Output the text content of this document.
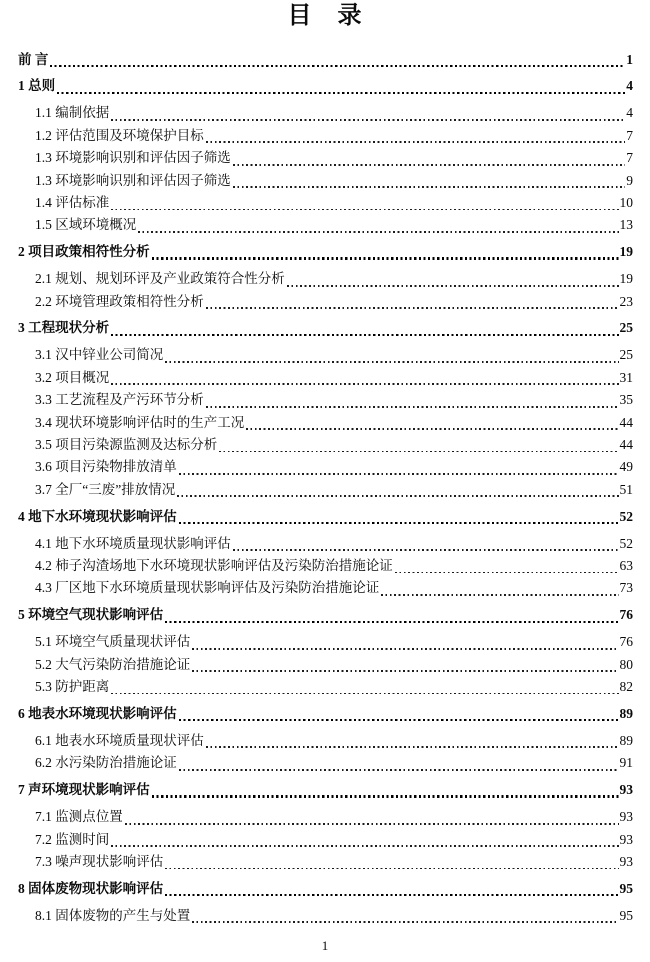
目　录
前 言	1
1 总则	4
1.1 编制依据	4
1.2 评估范围及环境保护目标	7
1.3 环境影响识别和评估因子筛选	7
1.3 环境影响识别和评估因子筛选	9
1.4 评估标准	10
1.5 区域环境概况	13
2 项目政策相符性分析	19
2.1 规划、规划环评及产业政策符合性分析	19
2.2 环境管理政策相符性分析	23
3 工程现状分析	25
3.1 汉中锌业公司简况	25
3.2 项目概况	31
3.3 工艺流程及产污环节分析	35
3.4 现状环境影响评估时的生产工况	44
3.5 项目污染源监测及达标分析	44
3.6 项目污染物排放清单	49
3.7 全厂“三废”排放情况	51
4 地下水环境现状影响评估	52
4.1 地下水环境质量现状影响评估	52
4.2 柿子沟渣场地下水环境现状影响评估及污染防治措施论证	63
4.3 厂区地下水环境质量现状影响评估及污染防治措施论证	73
5 环境空气现状影响评估	76
5.1 环境空气质量现状评估	76
5.2 大气污染防治措施论证	80
5.3 防护距离	82
6 地表水环境现状影响评估	89
6.1 地表水环境质量现状评估	89
6.2 水污染防治措施论证	91
7 声环境现状影响评估	93
7.1 监测点位置	93
7.2 监测时间	93
7.3 噪声现状影响评估	93
8 固体废物现状影响评估	95
8.1 固体废物的产生与处置	95
1
